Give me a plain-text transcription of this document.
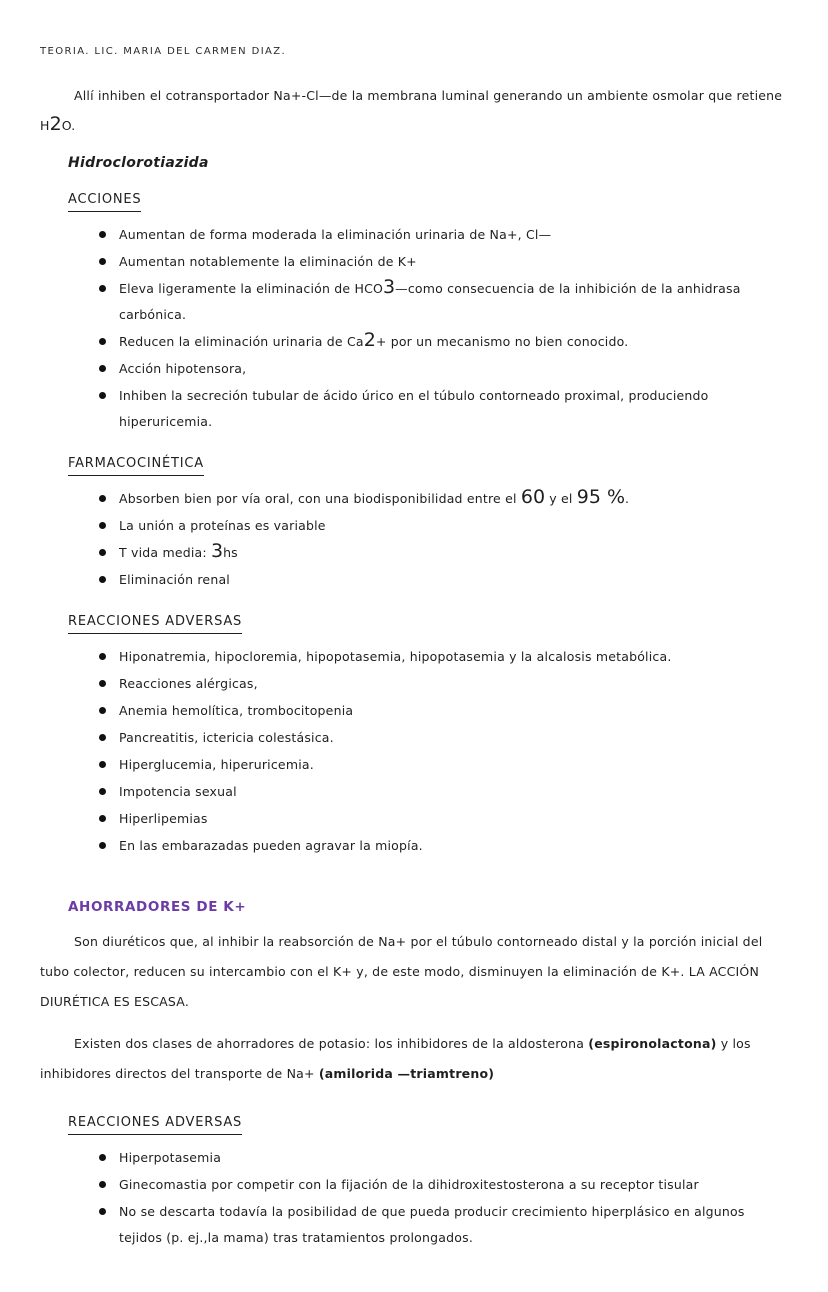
TEORIA. LIC. MARIA DEL CARMEN DIAZ.
Allí inhiben el cotransportador Na+-Cl—de la membrana luminal generando un ambiente osmolar que retiene H2O.
Hidroclorotiazida
ACCIONES
Aumentan de forma moderada la eliminación urinaria de Na+, Cl—
Aumentan notablemente la eliminación de K+
Eleva ligeramente la eliminación de HCO3—como consecuencia de la inhibición de la anhidrasa carbónica.
Reducen la eliminación urinaria de Ca2+ por un mecanismo no bien conocido.
Acción hipotensora,
Inhiben la secreción tubular de ácido úrico en el túbulo contorneado proximal, produciendo hiperuricemia.
FARMACOCINÉTICA
Absorben bien por vía oral, con una biodisponibilidad entre el 60 y el 95 %.
La unión a proteínas es variable
T vida media: 3hs
Eliminación renal
REACCIONES ADVERSAS
Hiponatremia, hipocloremia, hipopotasemia, hipopotasemia y la alcalosis metabólica.
Reacciones alérgicas,
Anemia hemolítica, trombocitopenia
Pancreatitis, ictericia colestásica.
Hiperglucemia, hiperuricemia.
Impotencia sexual
Hiperlipemias
En las embarazadas pueden agravar la miopía.
AHORRADORES DE K+
Son diuréticos que, al inhibir la reabsorción de Na+ por el túbulo contorneado distal y la porción inicial del tubo colector, reducen su intercambio con el K+ y, de este modo, disminuyen la eliminación de K+. LA ACCIÓN DIURÉTICA ES ESCASA.
Existen dos clases de ahorradores de potasio: los inhibidores de la aldosterona (espironolactona) y los inhibidores directos del transporte de Na+ (amilorida —triamtreno)
REACCIONES ADVERSAS
Hiperpotasemia
Ginecomastia por competir con la fijación de la dihidroxitestosterona a su receptor tisular
No se descarta todavía la posibilidad de que pueda producir crecimiento hiperplásico en algunos tejidos (p. ej.,la mama) tras tratamientos prolongados.
